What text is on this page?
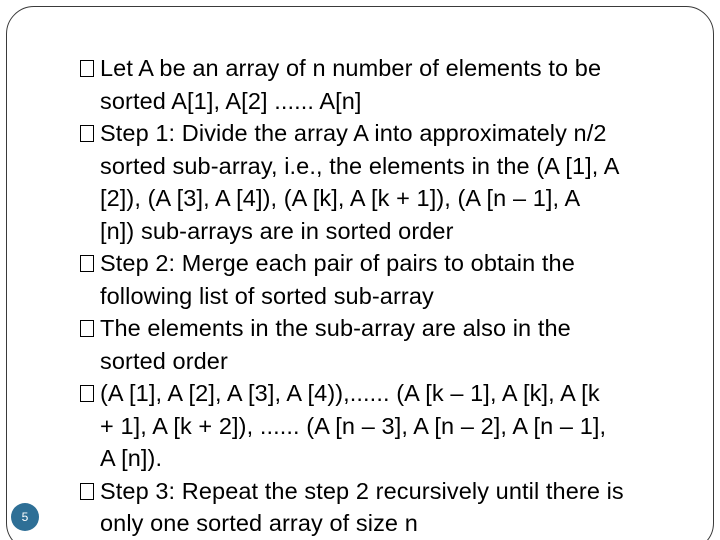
Let A be an array of n number of elements to be
sorted A[1], A[2] ...... A[n]
Step 1: Divide the array A into approximately n/2
sorted sub-array, i.e., the elements in the (A [1], A
[2]), (A [3], A [4]), (A [k], A [k + 1]), (A [n – 1], A
[n]) sub-arrays are in sorted order
Step 2: Merge each pair of pairs to obtain the
following list of sorted sub-array
The elements in the sub-array are also in the
sorted order
(A [1], A [2], A [3], A [4)),...... (A [k – 1], A [k], A [k
+ 1], A [k + 2]), ...... (A [n – 3], A [n – 2], A [n – 1],
A [n]).
Step 3: Repeat the step 2 recursively until there is
only one sorted array of size n
5
